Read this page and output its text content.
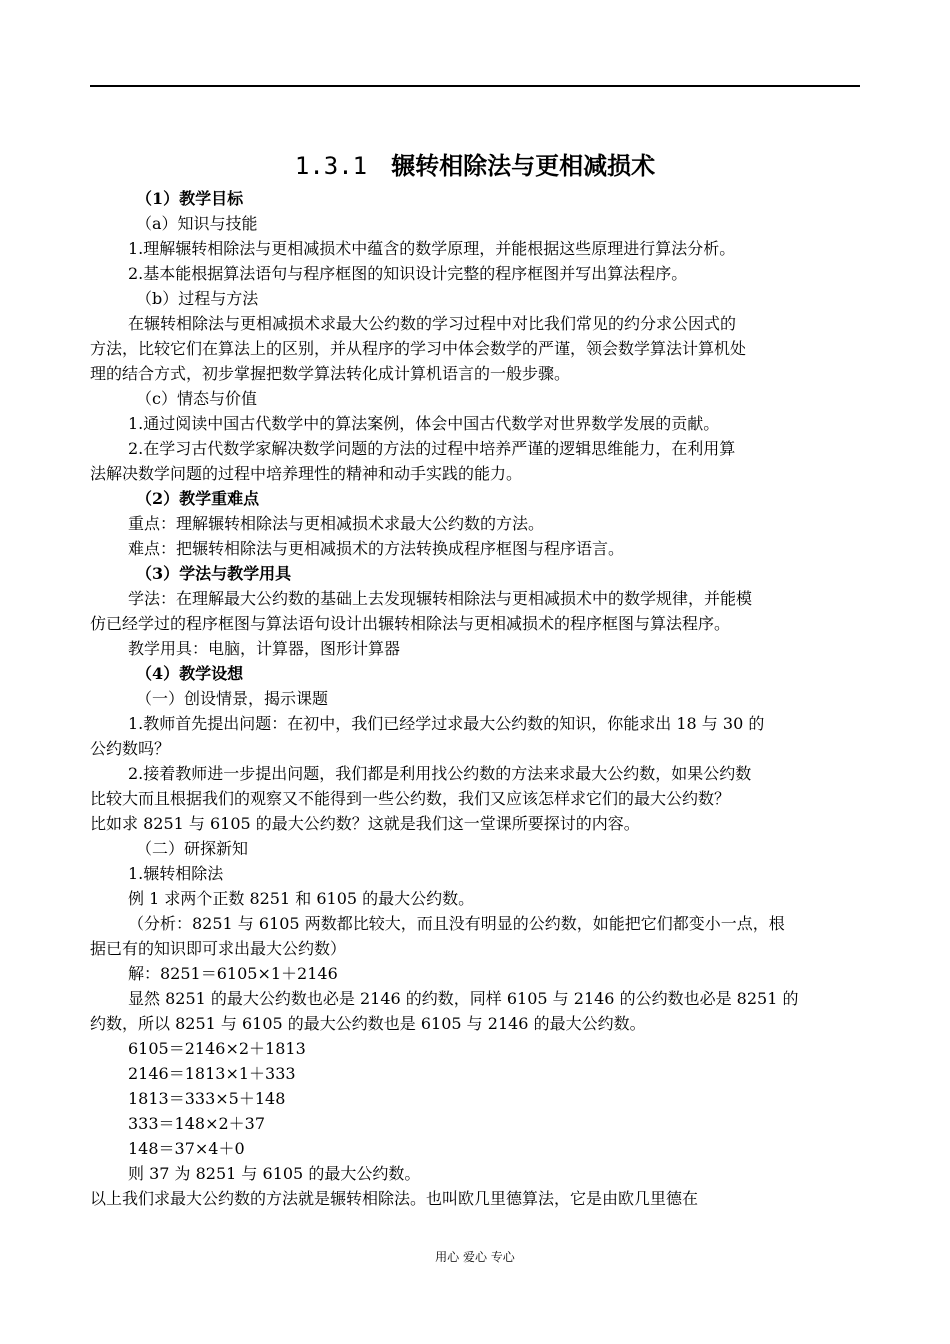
1.3.1 辗转相除法与更相减损术
（1）教学目标
（a）知识与技能
1.理解辗转相除法与更相减损术中蕴含的数学原理，并能根据这些原理进行算法分析。
2.基本能根据算法语句与程序框图的知识设计完整的程序框图并写出算法程序。
（b）过程与方法
在辗转相除法与更相减损术求最大公约数的学习过程中对比我们常见的约分求公因式的
方法，比较它们在算法上的区别，并从程序的学习中体会数学的严谨，领会数学算法计算机处
理的结合方式，初步掌握把数学算法转化成计算机语言的一般步骤。
（c）情态与价值
1.通过阅读中国古代数学中的算法案例，体会中国古代数学对世界数学发展的贡献。
2.在学习古代数学家解决数学问题的方法的过程中培养严谨的逻辑思维能力，在利用算
法解决数学问题的过程中培养理性的精神和动手实践的能力。
（2）教学重难点
重点：理解辗转相除法与更相减损术求最大公约数的方法。
难点：把辗转相除法与更相减损术的方法转换成程序框图与程序语言。
（3）学法与教学用具
学法：在理解最大公约数的基础上去发现辗转相除法与更相减损术中的数学规律，并能模
仿已经学过的程序框图与算法语句设计出辗转相除法与更相减损术的程序框图与算法程序。
教学用具：电脑，计算器，图形计算器
（4）教学设想
（一）创设情景，揭示课题
1.教师首先提出问题：在初中，我们已经学过求最大公约数的知识，你能求出 18 与 30 的
公约数吗？
2.接着教师进一步提出问题，我们都是利用找公约数的方法来求最大公约数，如果公约数
比较大而且根据我们的观察又不能得到一些公约数，我们又应该怎样求它们的最大公约数？
比如求 8251 与 6105 的最大公约数？这就是我们这一堂课所要探讨的内容。
（二）研探新知
1.辗转相除法
例 1 求两个正数 8251 和 6105 的最大公约数。
（分析：8251 与 6105 两数都比较大，而且没有明显的公约数，如能把它们都变小一点，根
据已有的知识即可求出最大公约数）
解：8251＝6105×1＋2146
显然 8251 的最大公约数也必是 2146 的约数，同样 6105 与 2146 的公约数也必是 8251 的
约数，所以 8251 与 6105 的最大公约数也是 6105 与 2146 的最大公约数。
6105＝2146×2＋1813
2146＝1813×1＋333
1813＝333×5＋148
333＝148×2＋37
148＝37×4＋0
则 37 为 8251 与 6105 的最大公约数。
以上我们求最大公约数的方法就是辗转相除法。也叫欧几里德算法，它是由欧几里德在
用心 爱心 专心
